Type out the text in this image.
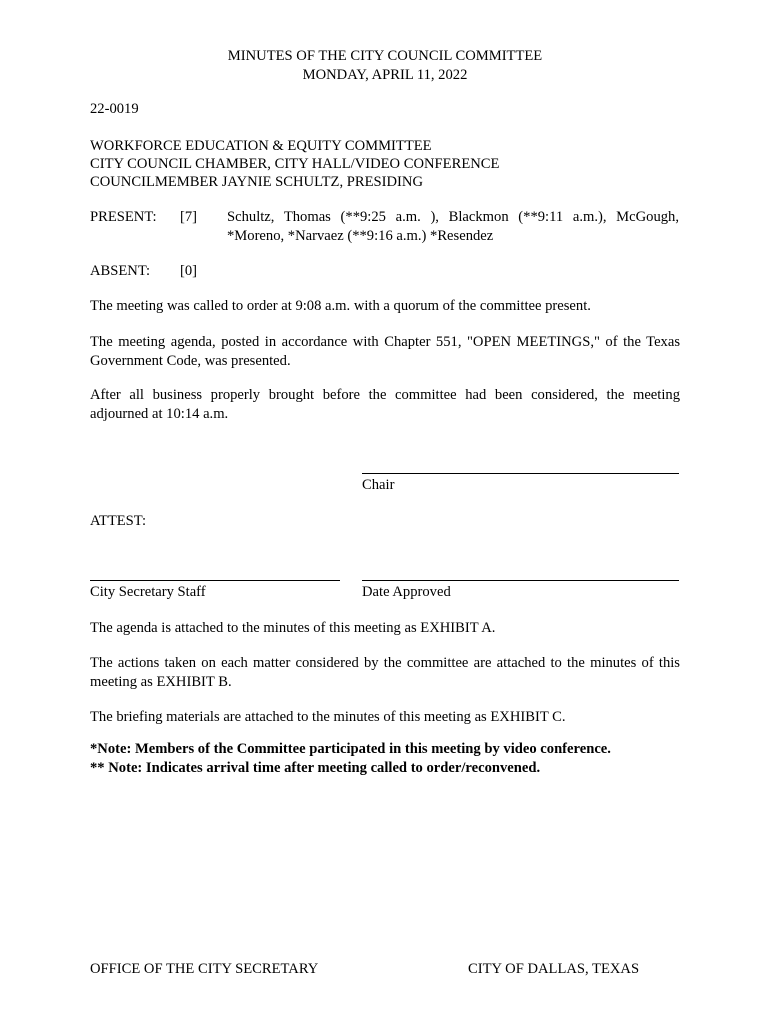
MINUTES OF THE CITY COUNCIL COMMITTEE
MONDAY, APRIL 11, 2022
22-0019
WORKFORCE EDUCATION & EQUITY COMMITTEE
CITY COUNCIL CHAMBER, CITY HALL/VIDEO CONFERENCE
COUNCILMEMBER JAYNIE SCHULTZ, PRESIDING
PRESENT: [7] Schultz, Thomas (**9:25 a.m. ), Blackmon (**9:11 a.m.), McGough,
*Moreno, *Narvaez (**9:16 a.m.) *Resendez
ABSENT: [0]
The meeting was called to order at 9:08 a.m. with a quorum of the committee present.
The meeting agenda, posted in accordance with Chapter 551, "OPEN MEETINGS," of the Texas Government Code, was presented.
After all business properly brought before the committee had been considered, the meeting adjourned at 10:14 a.m.
Chair
ATTEST:
City Secretary Staff	Date Approved
The agenda is attached to the minutes of this meeting as EXHIBIT A.
The actions taken on each matter considered by the committee are attached to the minutes of this meeting as EXHIBIT B.
The briefing materials are attached to the minutes of this meeting as EXHIBIT C.
*Note: Members of the Committee participated in this meeting by video conference.
** Note: Indicates arrival time after meeting called to order/reconvened.
OFFICE OF THE CITY SECRETARY	CITY OF DALLAS, TEXAS
